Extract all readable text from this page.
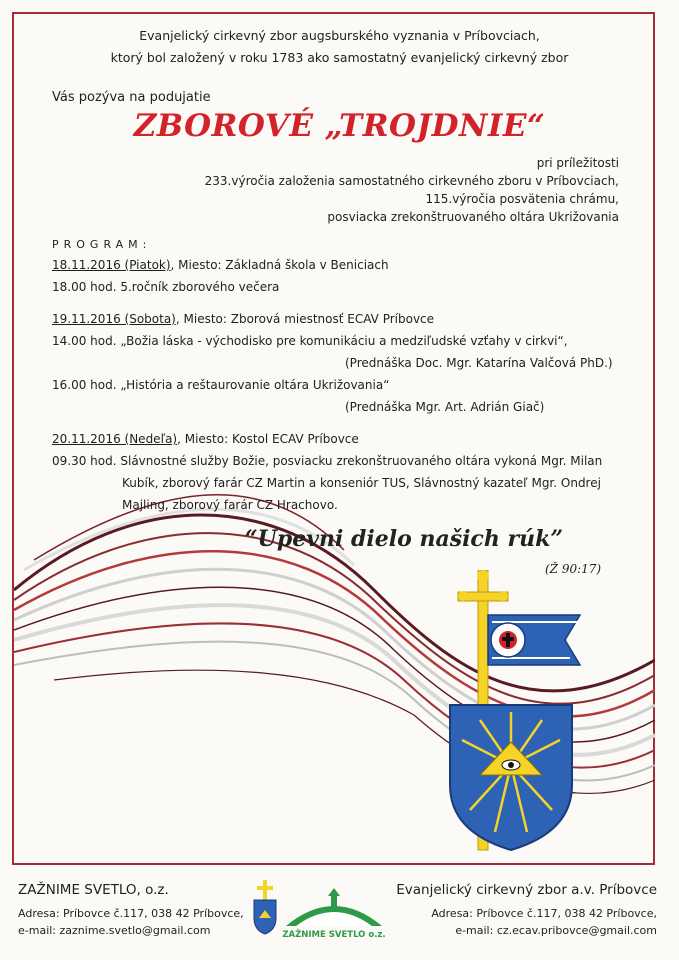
Evanjelický cirkevný zbor augsburského vyznania v Príbovciach,
ktorý bol založený v roku 1783 ako samostatný evanjelický cirkevný zbor
Vás pozýva na podujatie
ZBOROVÉ „TROJDNIE“
pri príležitosti
233.výročia založenia samostatného cirkevného zboru v Príbovciach,
115.výročia posvätenia chrámu,
posviacka zrekonštruovaného oltára Ukrižovania
PROGRAM:
18.11.2016 (Piatok), Miesto: Základná škola v Beniciach
18.00 hod. 5.ročník zborového večera
19.11.2016 (Sobota), Miesto: Zborová miestnosť ECAV Príbovce
14.00 hod. „Božia láska - východisko pre komunikáciu a medziľudské vzťahy v cirkvi“,
(Prednáška Doc. Mgr. Katarína Valčová PhD.)
16.00 hod. „História a reštaurovanie oltára Ukrižovania“
(Prednáška Mgr. Art. Adrián Giač)
20.11.2016 (Nedeľa), Miesto: Kostol ECAV Príbovce
09.30 hod. Slávnostné služby Božie, posviacku zrekonštruovaného oltára vykoná Mgr. Milan
Kubík, zborový farár CZ Martin a konseniór TUS, Slávnostný kazateľ Mgr. Ondrej
Majling, zborový farár CZ Hrachovo.
“Upevni dielo našich rúk”
(Ž 90:17)
ZAŽNIME SVETLO, o.z.
Adresa: Príbovce č.117, 038 42 Príbovce,
e-mail: zaznime.svetlo@gmail.com
Evanjelický cirkevný zbor a.v. Príbovce
Adresa: Príbovce č.117, 038 42 Príbovce,
e-mail: cz.ecav.pribovce@gmail.com
ZAŽNIME SVETLO o.z.
